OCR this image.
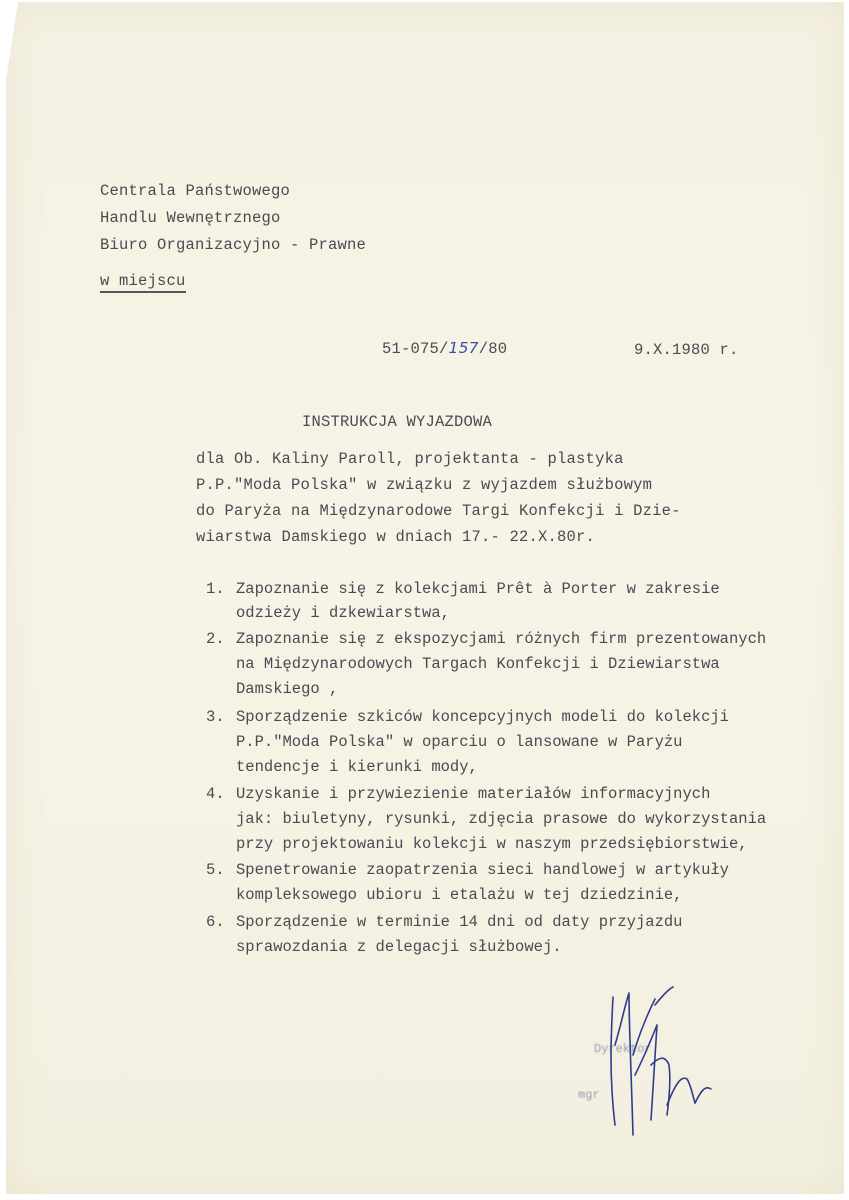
Centrala Państwowego
Handlu Wewnętrznego
Biuro Organizacyjno - Prawne
w miejscu
51-075/157/80	9.X.1980 r.
INSTRUKCJA WYJAZDOWA
dla Ob. Kaliny Paroll, projektanta - plastyka
P.P."Moda Polska" w związku z wyjazdem służbowym
do Paryża na Międzynarodowe Targi Konfekcji i Dzie-
wiarstwa Damskiego w dniach 17.- 22.X.80r.
1. Zapoznanie się z kolekcjami Prêt à Porter w zakresie
odzieży i dzkewiarstwa,
2. Zapoznanie się z ekspozycjami różnych firm prezentowanych
na Międzynarodowych Targach Konfekcji i Dziewiarstwa
Damskiego ,
3. Sporządzenie szkiców koncepcyjnych modeli do kolekcji
P.P."Moda Polska" w oparciu o lansowane w Paryżu
tendencje i kierunki mody,
4. Uzyskanie i przywiezienie materiałów informacyjnych
jak: biuletyny, rysunki, zdjęcia prasowe do wykorzystania
przy projektowaniu kolekcji w naszym przedsiębiorstwie,
5. Spenetrowanie zaopatrzenia sieci handlowej w artykuły
kompleksowego ubioru i etalażu w tej dziedzinie,
6. Sporządzenie w terminie 14 dni od daty przyjazdu
sprawozdania z delegacji służbowej.
Dyrektor
mgr
